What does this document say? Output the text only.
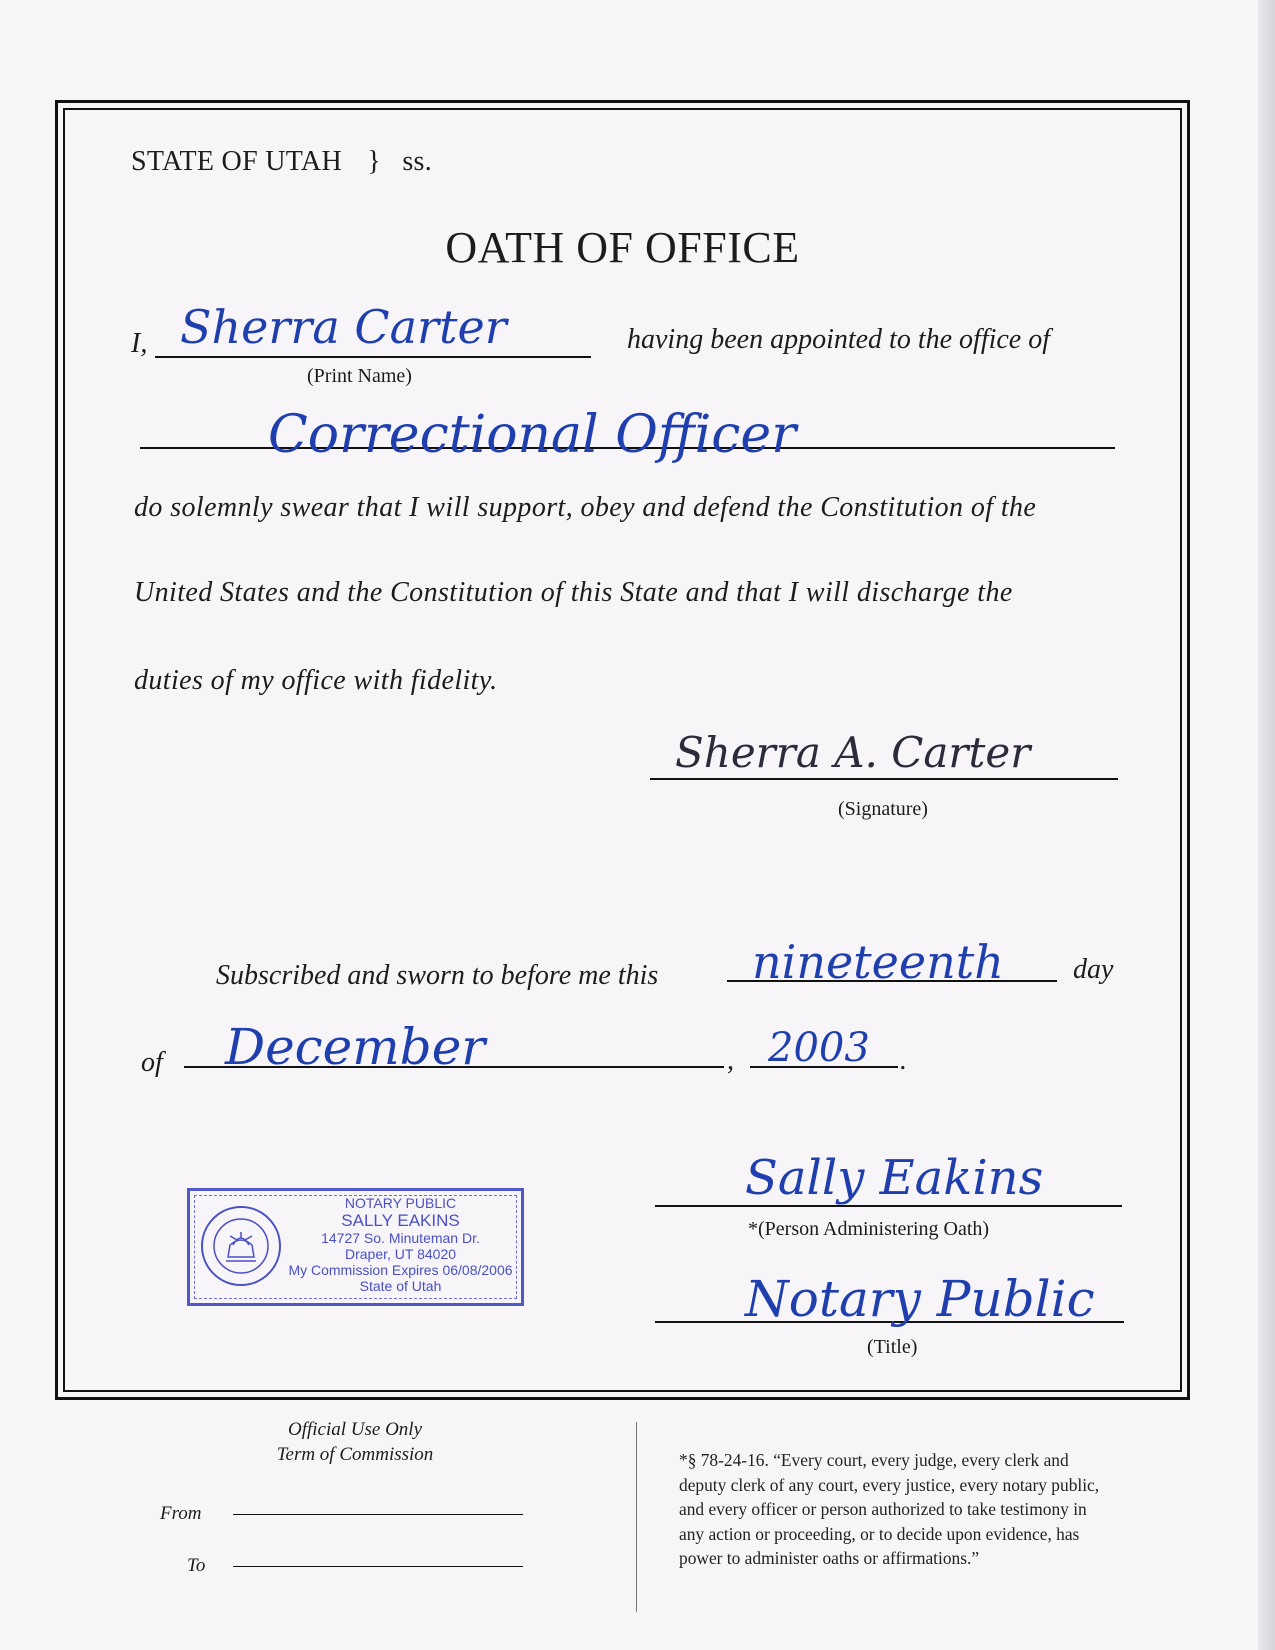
STATE OF UTAH } ss.
OATH OF OFFICE
I, Sherra Carter	having been appointed to the office of
(Print Name)
Correctional Officer
do solemnly swear that I will support, obey and defend the Constitution of the
United States and the Constitution of this State and that I will discharge the
duties of my office with fidelity.
Sherra A. Carter
(Signature)
Subscribed and sworn to before me this nineteenth day
of December	, 2003 .
Sally Eakins
*(Person Administering Oath)
Notary Public
(Title)
NOTARY PUBLIC
SALLY EAKINS
14727 So. Minuteman Dr.
Draper, UT 84020
My Commission Expires 06/08/2006
State of Utah
Official Use Only
Term of Commission
From
To
*§ 78-24-16. “Every court, every judge, every clerk and
deputy clerk of any court, every justice, every notary public,
and every officer or person authorized to take testimony in
any action or proceeding, or to decide upon evidence, has
power to administer oaths or affirmations.”
